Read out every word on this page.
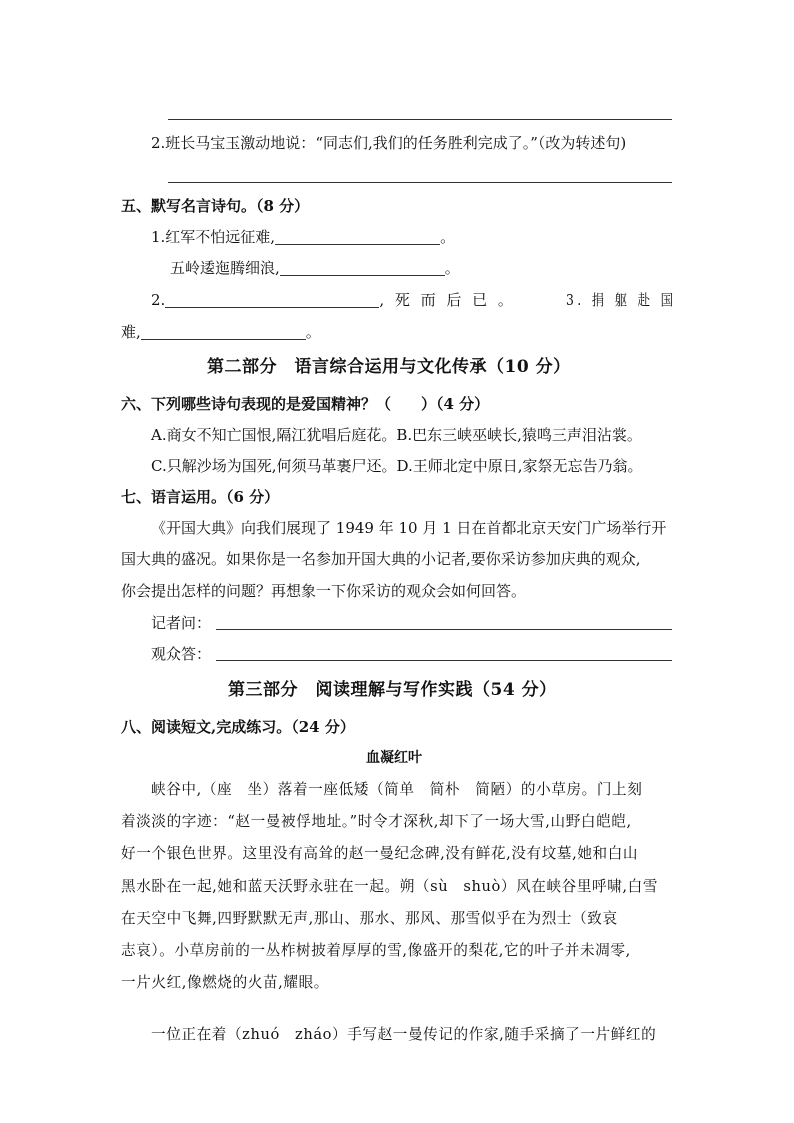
2.班长马宝玉激动地说：“同志们,我们的任务胜利完成了。”（改为转述句)
五、默写名言诗句。（8 分）
1.红军不怕远征难,	。
五岭逶迤腾细浪,	。
2.	, 死 而 后 已 。	3. 捐 躯 赴 国
难,	。
第二部分　语言综合运用与文化传承（10 分）
六、下列哪些诗句表现的是爱国精神？（　　）（4 分）
A.商女不知亡国恨,隔江犹唱后庭花。B.巴东三峡巫峡长,猿鸣三声泪沾裳。
C.只解沙场为国死,何须马革裹尸还。D.王师北定中原日,家祭无忘告乃翁。
七、语言运用。（6 分）
《开国大典》向我们展现了 1949 年 10 月 1 日在首都北京天安门广场举行开
国大典的盛况。如果你是一名参加开国大典的小记者,要你采访参加庆典的观众,
你会提出怎样的问题？再想象一下你采访的观众会如何回答。
记者问：
观众答：
第三部分　阅读理解与写作实践（54 分）
八、阅读短文,完成练习。（24 分）
血凝红叶
峡谷中,（座　坐）落着一座低矮（简单　简朴　简陋）的小草房。门上刻
着淡淡的字迹：“赵一曼被俘地址。”时令才深秋,却下了一场大雪,山野白皑皑,
好一个银色世界。这里没有高耸的赵一曼纪念碑,没有鲜花,没有坟墓,她和白山
黑水卧在一起,她和蓝天沃野永驻在一起。朔（sù　shuò）风在峡谷里呼啸,白雪
在天空中飞舞,四野默默无声,那山、那水、那风、那雪似乎在为烈士（致哀
志哀）。小草房前的一丛柞树披着厚厚的雪,像盛开的梨花,它的叶子并未凋零,
一片火红,像燃烧的火苗,耀眼。
一位正在着（zhuó　zháo）手写赵一曼传记的作家,随手采摘了一片鲜红的
